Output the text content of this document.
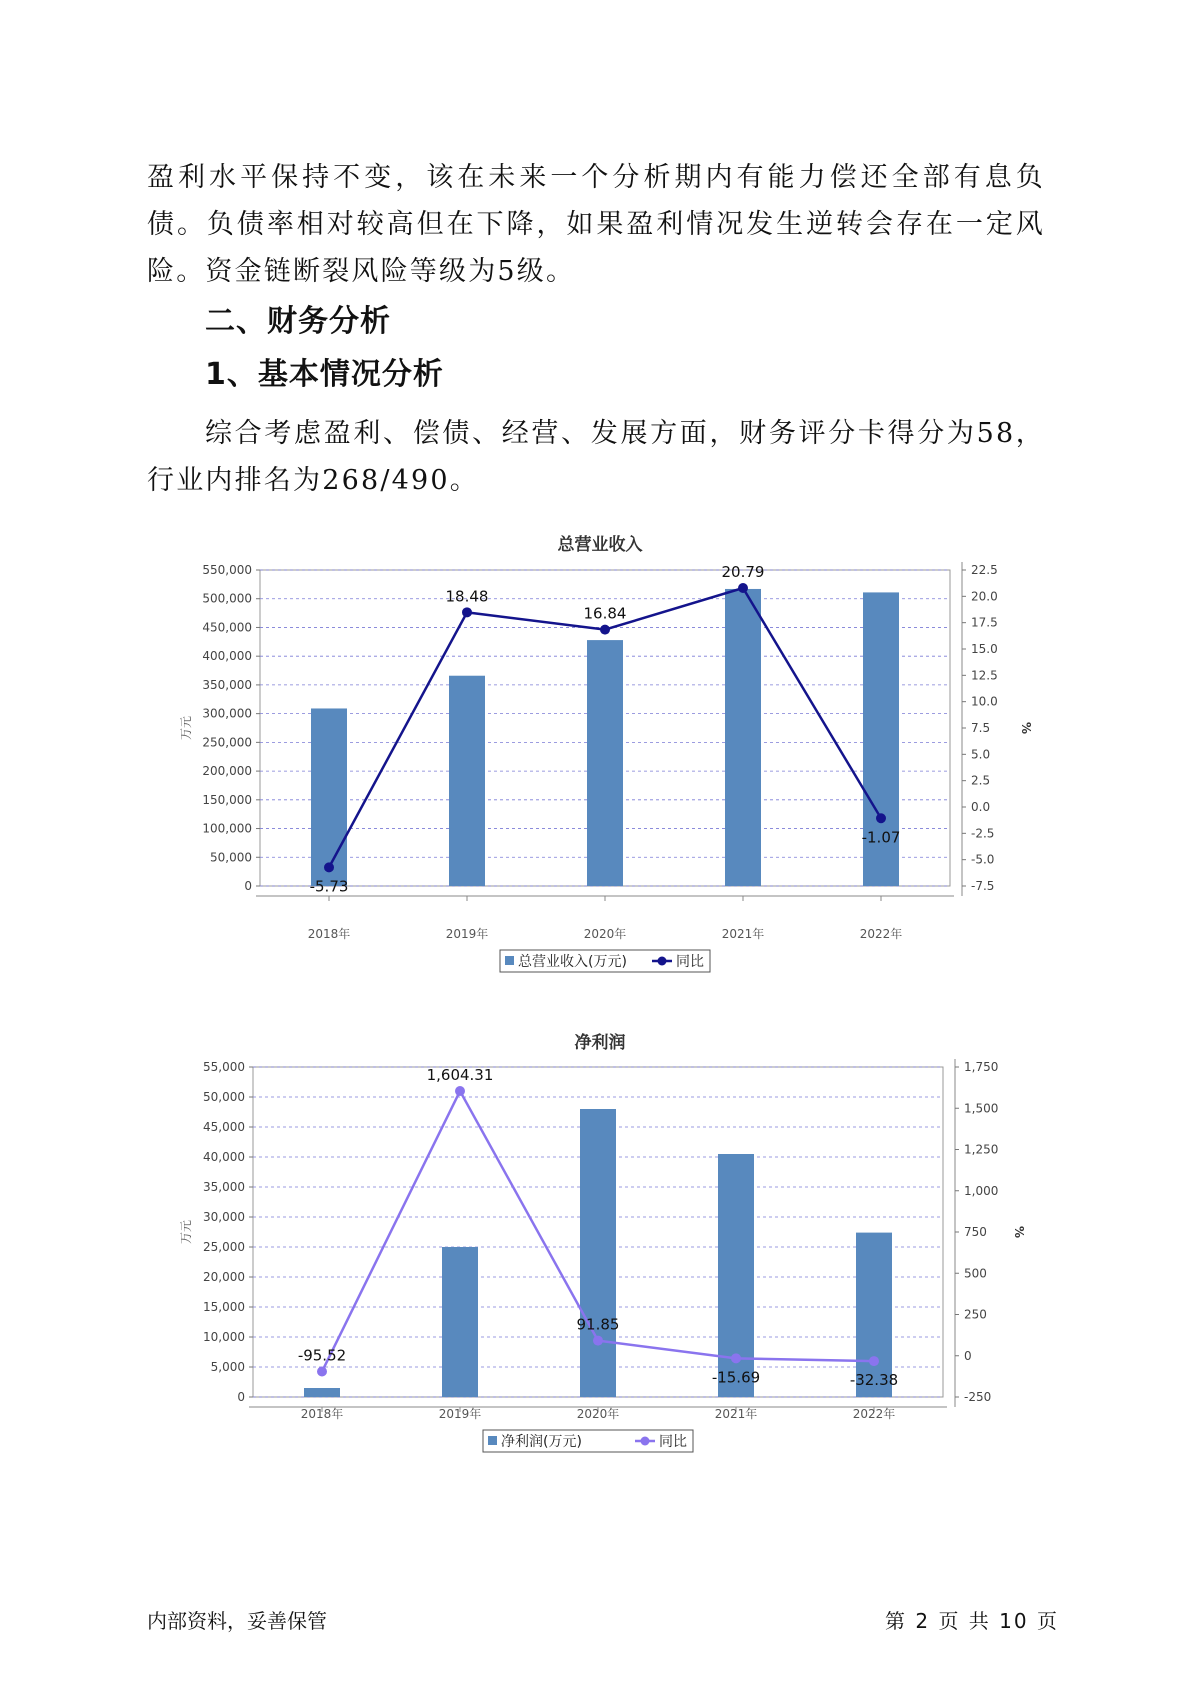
盈利水平保持不变，该在未来一个分析期内有能力偿还全部有息负债。负债率相对较高但在下降，如果盈利情况发生逆转会存在一定风险。资金链断裂风险等级为5级。

二、财务分析
1、基本情况分析

综合考虑盈利、偿债、经营、发展方面，财务评分卡得分为58，行业内排名为268/490。

总营业收入
0
50,000
100,000
150,000
200,000
250,000
300,000
350,000
400,000
450,000
500,000
550,000
-7.5
-5.0
-2.5
0.0
2.5
5.0
7.5
10.0
12.5
15.0
17.5
20.0
22.5
万元	%
2018年	2019年	2020年	2021年	2022年
-5.73
18.48
16.84
20.79
-1.07
总营业收入(万元)	同比
净利润
0
5,000
10,000
15,000
20,000
25,000
30,000
35,000
40,000
45,000
50,000
55,000
-250
0
250
500
750
1,000
1,250
1,500
1,750
万元	%
2018年	2019年	2020年	2021年	2022年
-95.52
1,604.31
91.85
-15.69	-32.38
净利润(万元)	同比
内部资料，妥善保管	第 2 页 共 10 页
